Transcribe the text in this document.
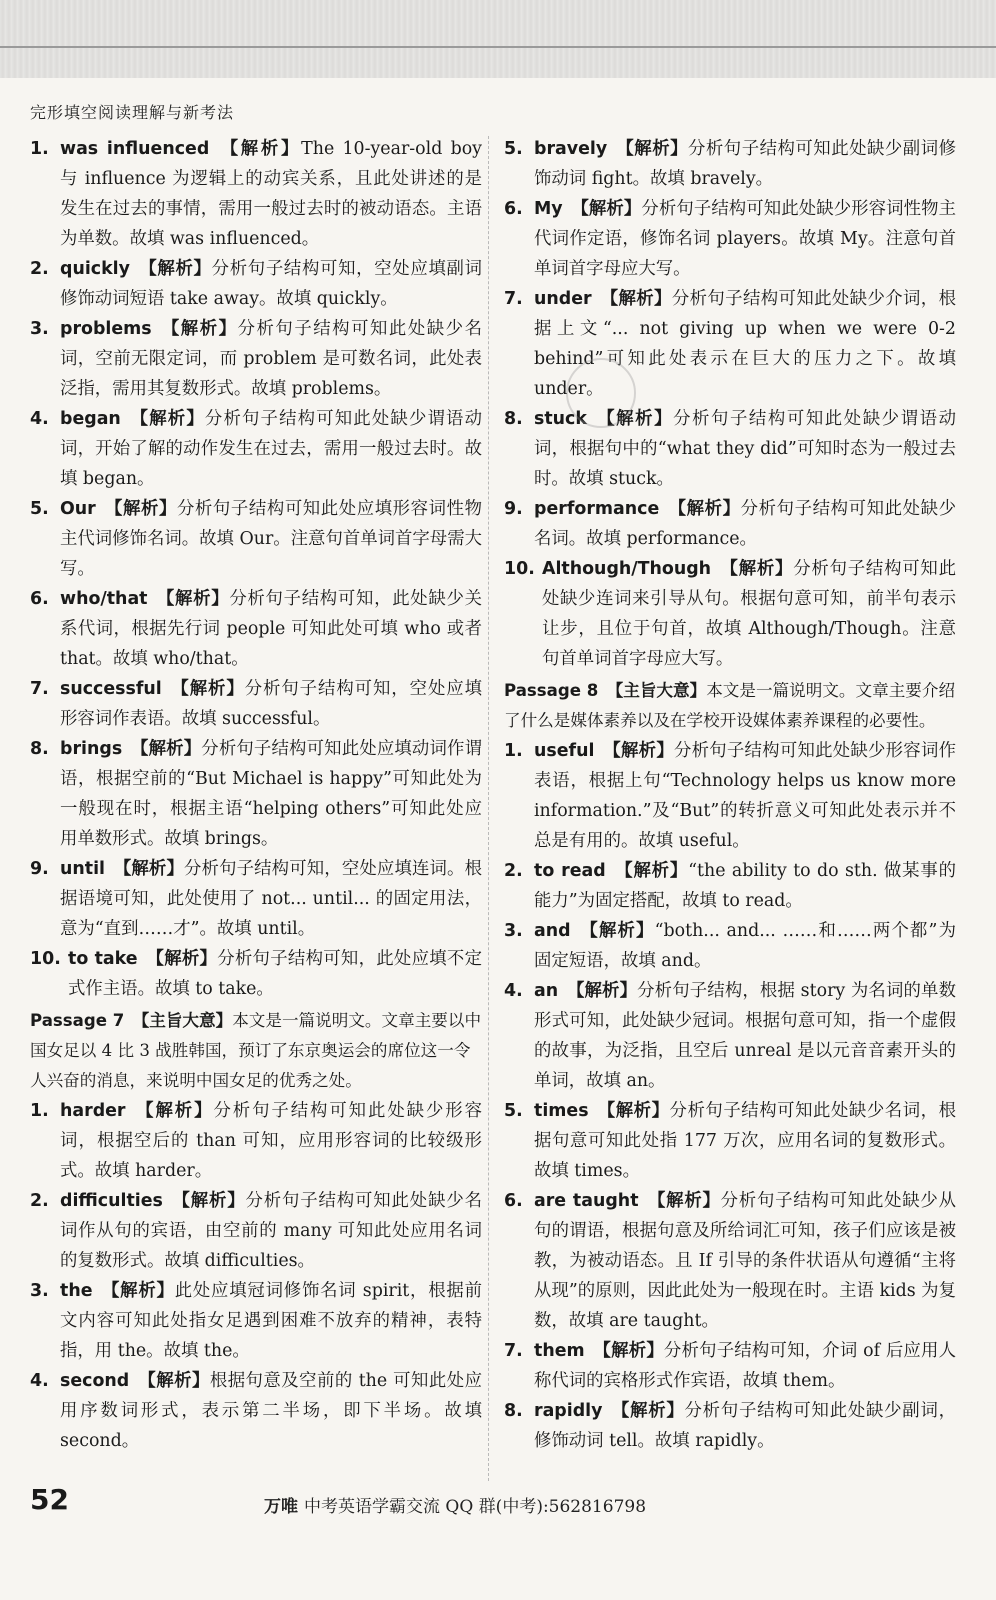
完形填空阅读理解与新考法
1. was influenced  【解析】The 10-year-old boy 与 influence 为逻辑上的动宾关系，且此处讲述的是发生在过去的事情，需用一般过去时的被动语态。主语为单数。故填 was influenced。
2. quickly  【解析】分析句子结构可知，空处应填副词修饰动词短语 take away。故填 quickly。
3. problems  【解析】分析句子结构可知此处缺少名词，空前无限定词，而 problem 是可数名词，此处表泛指，需用其复数形式。故填 problems。
4. began  【解析】分析句子结构可知此处缺少谓语动词，开始了解的动作发生在过去，需用一般过去时。故填 began。
5. Our  【解析】分析句子结构可知此处应填形容词性物主代词修饰名词。故填 Our。注意句首单词首字母需大写。
6. who/that  【解析】分析句子结构可知，此处缺少关系代词，根据先行词 people 可知此处可填 who 或者 that。故填 who/that。
7. successful  【解析】分析句子结构可知，空处应填形容词作表语。故填 successful。
8. brings  【解析】分析句子结构可知此处应填动词作谓语，根据空前的“But Michael is happy”可知此处为一般现在时，根据主语“helping others”可知此处应用单数形式。故填 brings。
9. until  【解析】分析句子结构可知，空处应填连词。根据语境可知，此处使用了 not... until... 的固定用法，意为“直到……才”。故填 until。
10. to take  【解析】分析句子结构可知，此处应填不定式作主语。故填 to take。
Passage 7  【主旨大意】本文是一篇说明文。文章主要以中国女足以 4 比 3 战胜韩国，预订了东京奥运会的席位这一令人兴奋的消息，来说明中国女足的优秀之处。
1. harder  【解析】分析句子结构可知此处缺少形容词，根据空后的 than 可知，应用形容词的比较级形式。故填 harder。
2. difficulties  【解析】分析句子结构可知此处缺少名词作从句的宾语，由空前的 many 可知此处应用名词的复数形式。故填 difficulties。
3. the  【解析】此处应填冠词修饰名词 spirit，根据前文内容可知此处指女足遇到困难不放弃的精神，表特指，用 the。故填 the。
4. second  【解析】根据句意及空前的 the 可知此处应用序数词形式，表示第二半场，即下半场。故填 second。
5. bravely  【解析】分析句子结构可知此处缺少副词修饰动词 fight。故填 bravely。
6. My  【解析】分析句子结构可知此处缺少形容词性物主代词作定语，修饰名词 players。故填 My。注意句首单词首字母应大写。
7. under  【解析】分析句子结构可知此处缺少介词，根据上文“... not giving up when we were 0-2 behind”可知此处表示在巨大的压力之下。故填 under。
8. stuck  【解析】分析句子结构可知此处缺少谓语动词，根据句中的“what they did”可知时态为一般过去时。故填 stuck。
9. performance  【解析】分析句子结构可知此处缺少名词。故填 performance。
10. Although/Though  【解析】分析句子结构可知此处缺少连词来引导从句。根据句意可知，前半句表示让步，且位于句首，故填 Although/Though。注意句首单词首字母应大写。
Passage 8  【主旨大意】本文是一篇说明文。文章主要介绍了什么是媒体素养以及在学校开设媒体素养课程的必要性。
1. useful  【解析】分析句子结构可知此处缺少形容词作表语，根据上句“Technology helps us know more information.”及“But”的转折意义可知此处表示并不总是有用的。故填 useful。
2. to read  【解析】“the ability to do sth. 做某事的能力”为固定搭配，故填 to read。
3. and  【解析】“both... and... ……和……两个都”为固定短语，故填 and。
4. an  【解析】分析句子结构，根据 story 为名词的单数形式可知，此处缺少冠词。根据句意可知，指一个虚假的故事，为泛指，且空后 unreal 是以元音音素开头的单词，故填 an。
5. times  【解析】分析句子结构可知此处缺少名词，根据句意可知此处指 177 万次，应用名词的复数形式。故填 times。
6. are taught  【解析】分析句子结构可知此处缺少从句的谓语，根据句意及所给词汇可知，孩子们应该是被教，为被动语态。且 If 引导的条件状语从句遵循“主将从现”的原则，因此此处为一般现在时。主语 kids 为复数，故填 are taught。
7. them  【解析】分析句子结构可知，介词 of 后应用人称代词的宾格形式作宾语，故填 them。
8. rapidly  【解析】分析句子结构可知此处缺少副词，修饰动词 tell。故填 rapidly。
52	万唯 中考英语学霸交流 QQ 群(中考):562816798
